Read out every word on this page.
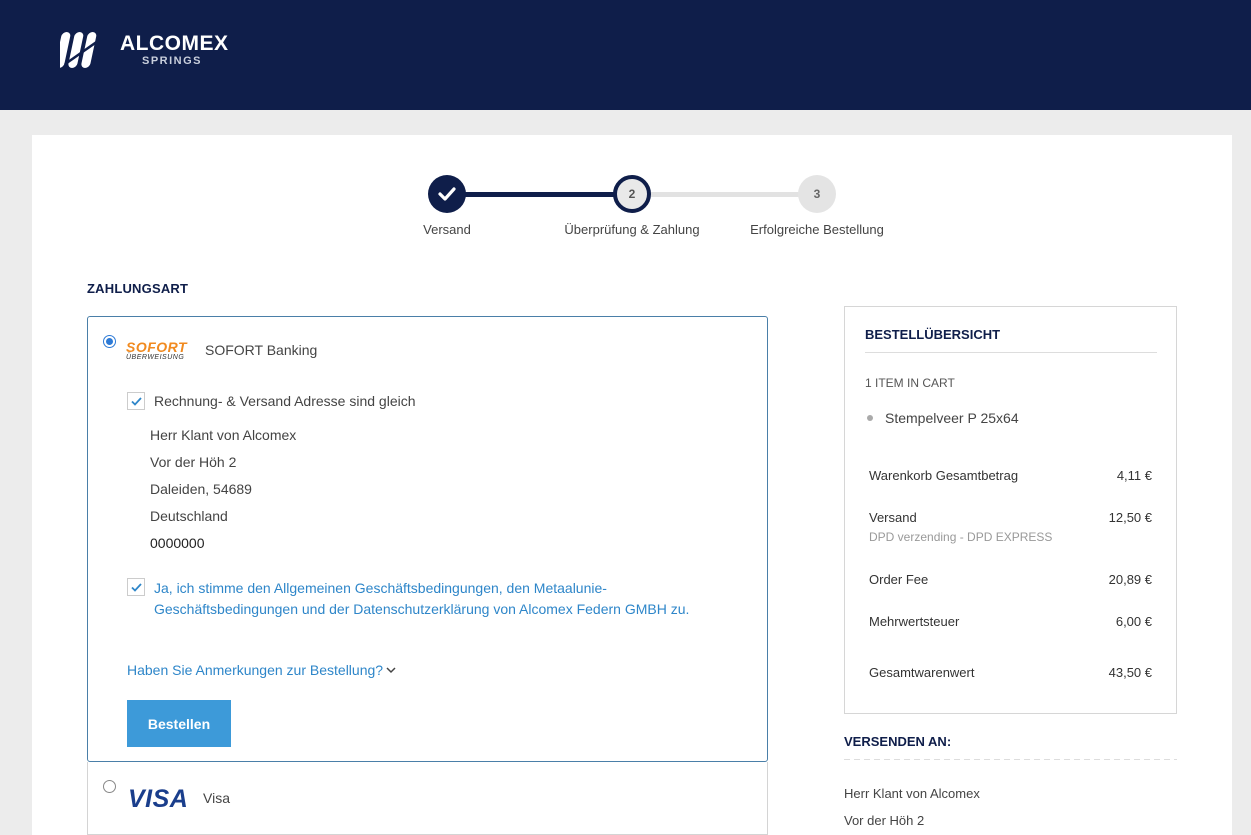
ALCOMEX
SPRINGS
2	3
Versand	Überprüfung & Zahlung	Erfolgreiche Bestellung
ZAHLUNGSART
SOFORT
ÜBERWEISUNG SOFORT Banking
Rechnung- & Versand Adresse sind gleich
Herr Klant von Alcomex
Vor der Höh 2
Daleiden, 54689
Deutschland
0000000
Ja, ich stimme den Allgemeinen Geschäftsbedingungen, den Metaalunie-Geschäftsbedingungen und der Datenschutzerklärung von Alcomex Federn GMBH zu.
Haben Sie Anmerkungen zur Bestellung?
Bestellen
VISA Visa
BESTELLÜBERSICHT
1 ITEM IN CART
Stempelveer P 25x64
Warenkorb Gesamtbetrag	4,11 €
Versand	12,50 €
DPD verzending - DPD EXPRESS
Order Fee	20,89 €
Mehrwertsteuer	6,00 €
Gesamtwarenwert	43,50 €
VERSENDEN AN:
Herr Klant von Alcomex
Vor der Höh 2
